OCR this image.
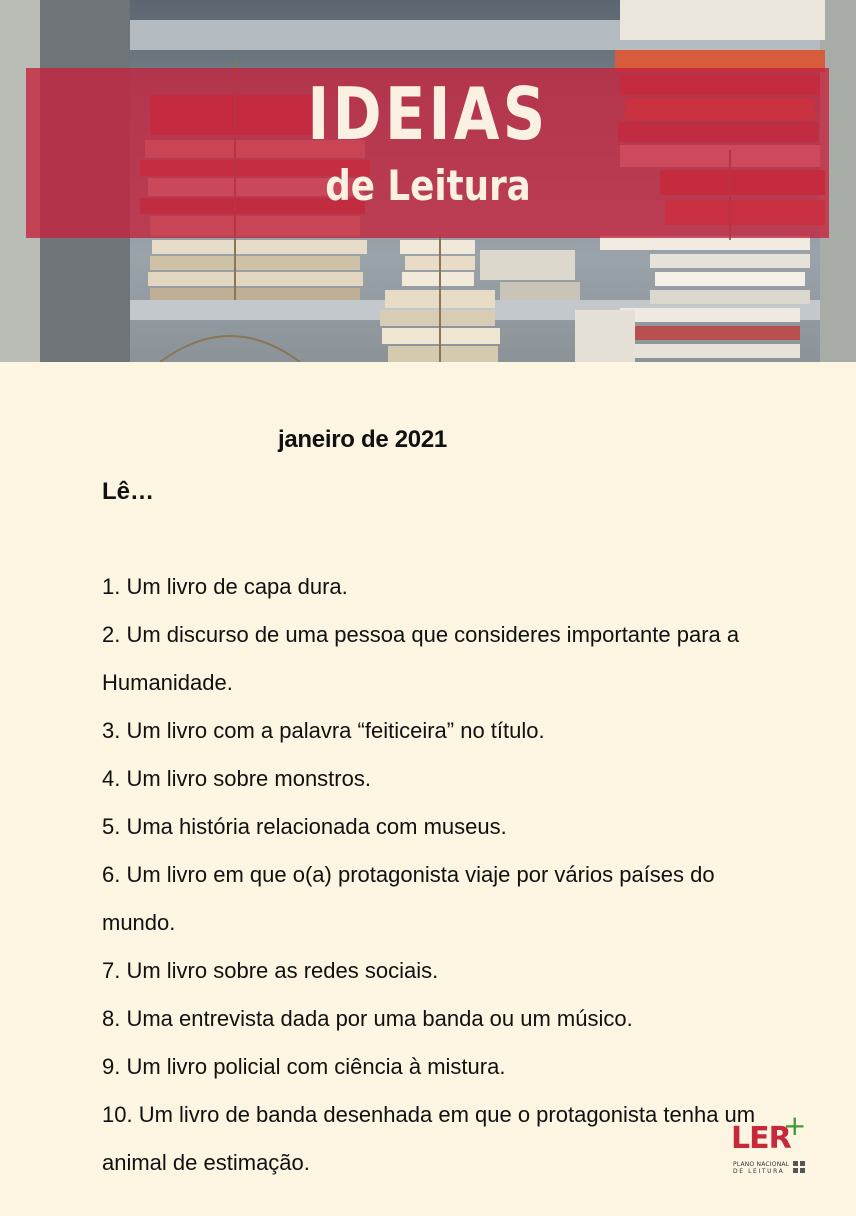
IDEIAS
de Leitura
janeiro de 2021
Lê…
1. Um livro de capa dura.
2. Um discurso de uma pessoa que consideres importante para a Humanidade.
3. Um livro com a palavra “feiticeira” no título.
4. Um livro sobre monstros.
5. Uma história relacionada com museus.
6. Um livro em que o(a) protagonista viaje por vários países do mundo.
7. Um livro sobre as redes sociais.
8. Uma entrevista dada por uma banda ou um músico.
9. Um livro policial com ciência à mistura.
10. Um livro de banda desenhada em que o protagonista tenha um animal de estimação.
LER
+
PLANO NACIONAL
DE LEITURA
